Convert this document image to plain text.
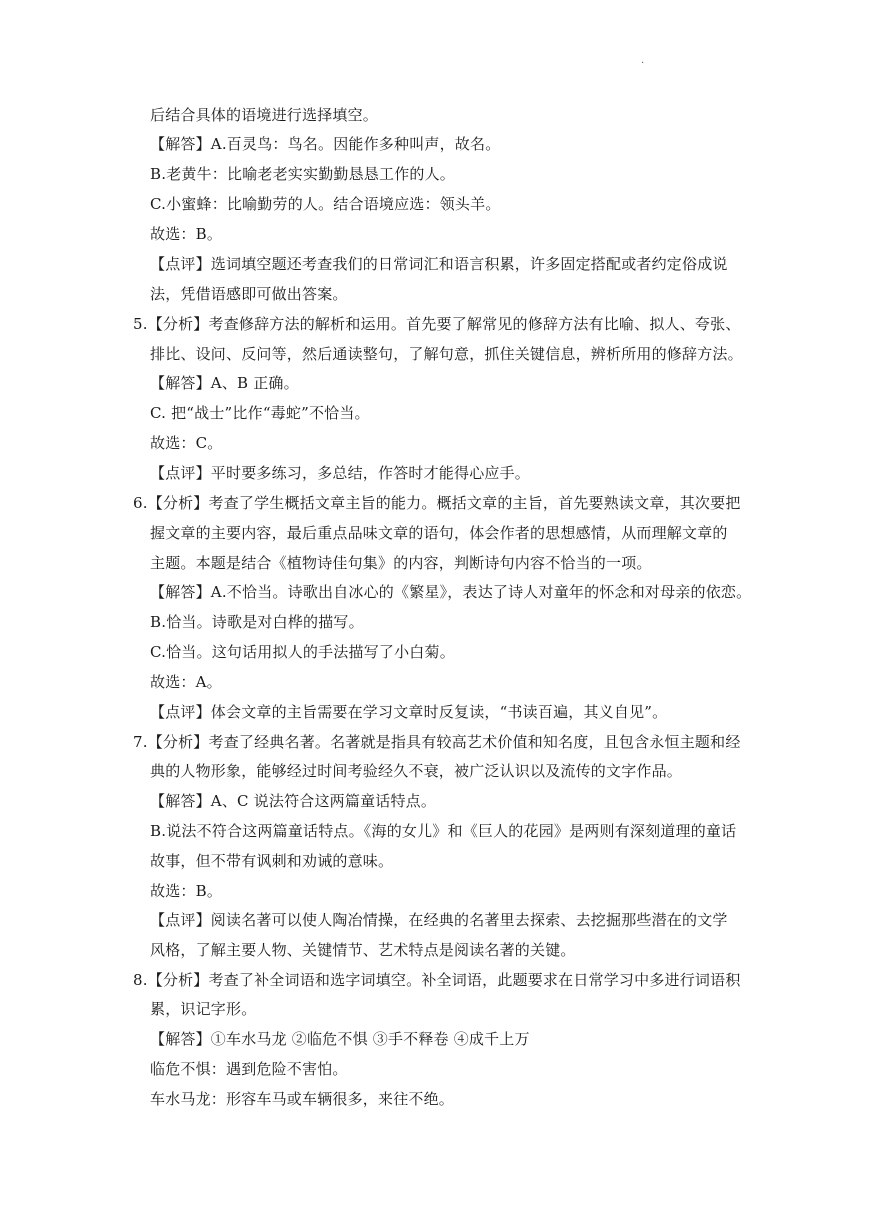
.
后结合具体的语境进行选择填空。
【解答】A.百灵鸟：鸟名。因能作多种叫声，故名。
B.老黄牛：比喻老老实实勤勤恳恳工作的人。
C.小蜜蜂：比喻勤劳的人。结合语境应选：领头羊。
故选：B。
【点评】选词填空题还考查我们的日常词汇和语言积累，许多固定搭配或者约定俗成说
法，凭借语感即可做出答案。
5.【分析】考查修辞方法的解析和运用。首先要了解常见的修辞方法有比喻、拟人、夸张、
排比、设问、反问等，然后通读整句，了解句意，抓住关键信息，辨析所用的修辞方法。
【解答】A、B 正确。
C. 把“战士”比作“毒蛇”不恰当。
故选：C。
【点评】平时要多练习，多总结，作答时才能得心应手。
6.【分析】考查了学生概括文章主旨的能力。概括文章的主旨，首先要熟读文章，其次要把
握文章的主要内容，最后重点品味文章的语句，体会作者的思想感情，从而理解文章的
主题。本题是结合《植物诗佳句集》的内容，判断诗句内容不恰当的一项。
【解答】A.不恰当。诗歌出自冰心的《繁星》，表达了诗人对童年的怀念和对母亲的依恋。
B.恰当。诗歌是对白桦的描写。
C.恰当。这句话用拟人的手法描写了小白菊。
故选：A。
【点评】体会文章的主旨需要在学习文章时反复读，“书读百遍，其义自见”。
7.【分析】考查了经典名著。名著就是指具有较高艺术价值和知名度，且包含永恒主题和经
典的人物形象，能够经过时间考验经久不衰，被广泛认识以及流传的文字作品。
【解答】A、C 说法符合这两篇童话特点。
B.说法不符合这两篇童话特点。《海的女儿》和《巨人的花园》是两则有深刻道理的童话
故事，但不带有讽刺和劝诫的意味。
故选：B。
【点评】阅读名著可以使人陶冶情操，在经典的名著里去探索、去挖掘那些潜在的文学
风格，了解主要人物、关键情节、艺术特点是阅读名著的关键。
8.【分析】考查了补全词语和选字词填空。补全词语，此题要求在日常学习中多进行词语积
累，识记字形。
【解答】①车水马龙 ②临危不惧 ③手不释卷 ④成千上万
临危不惧：遇到危险不害怕。
车水马龙：形容车马或车辆很多，来往不绝。
